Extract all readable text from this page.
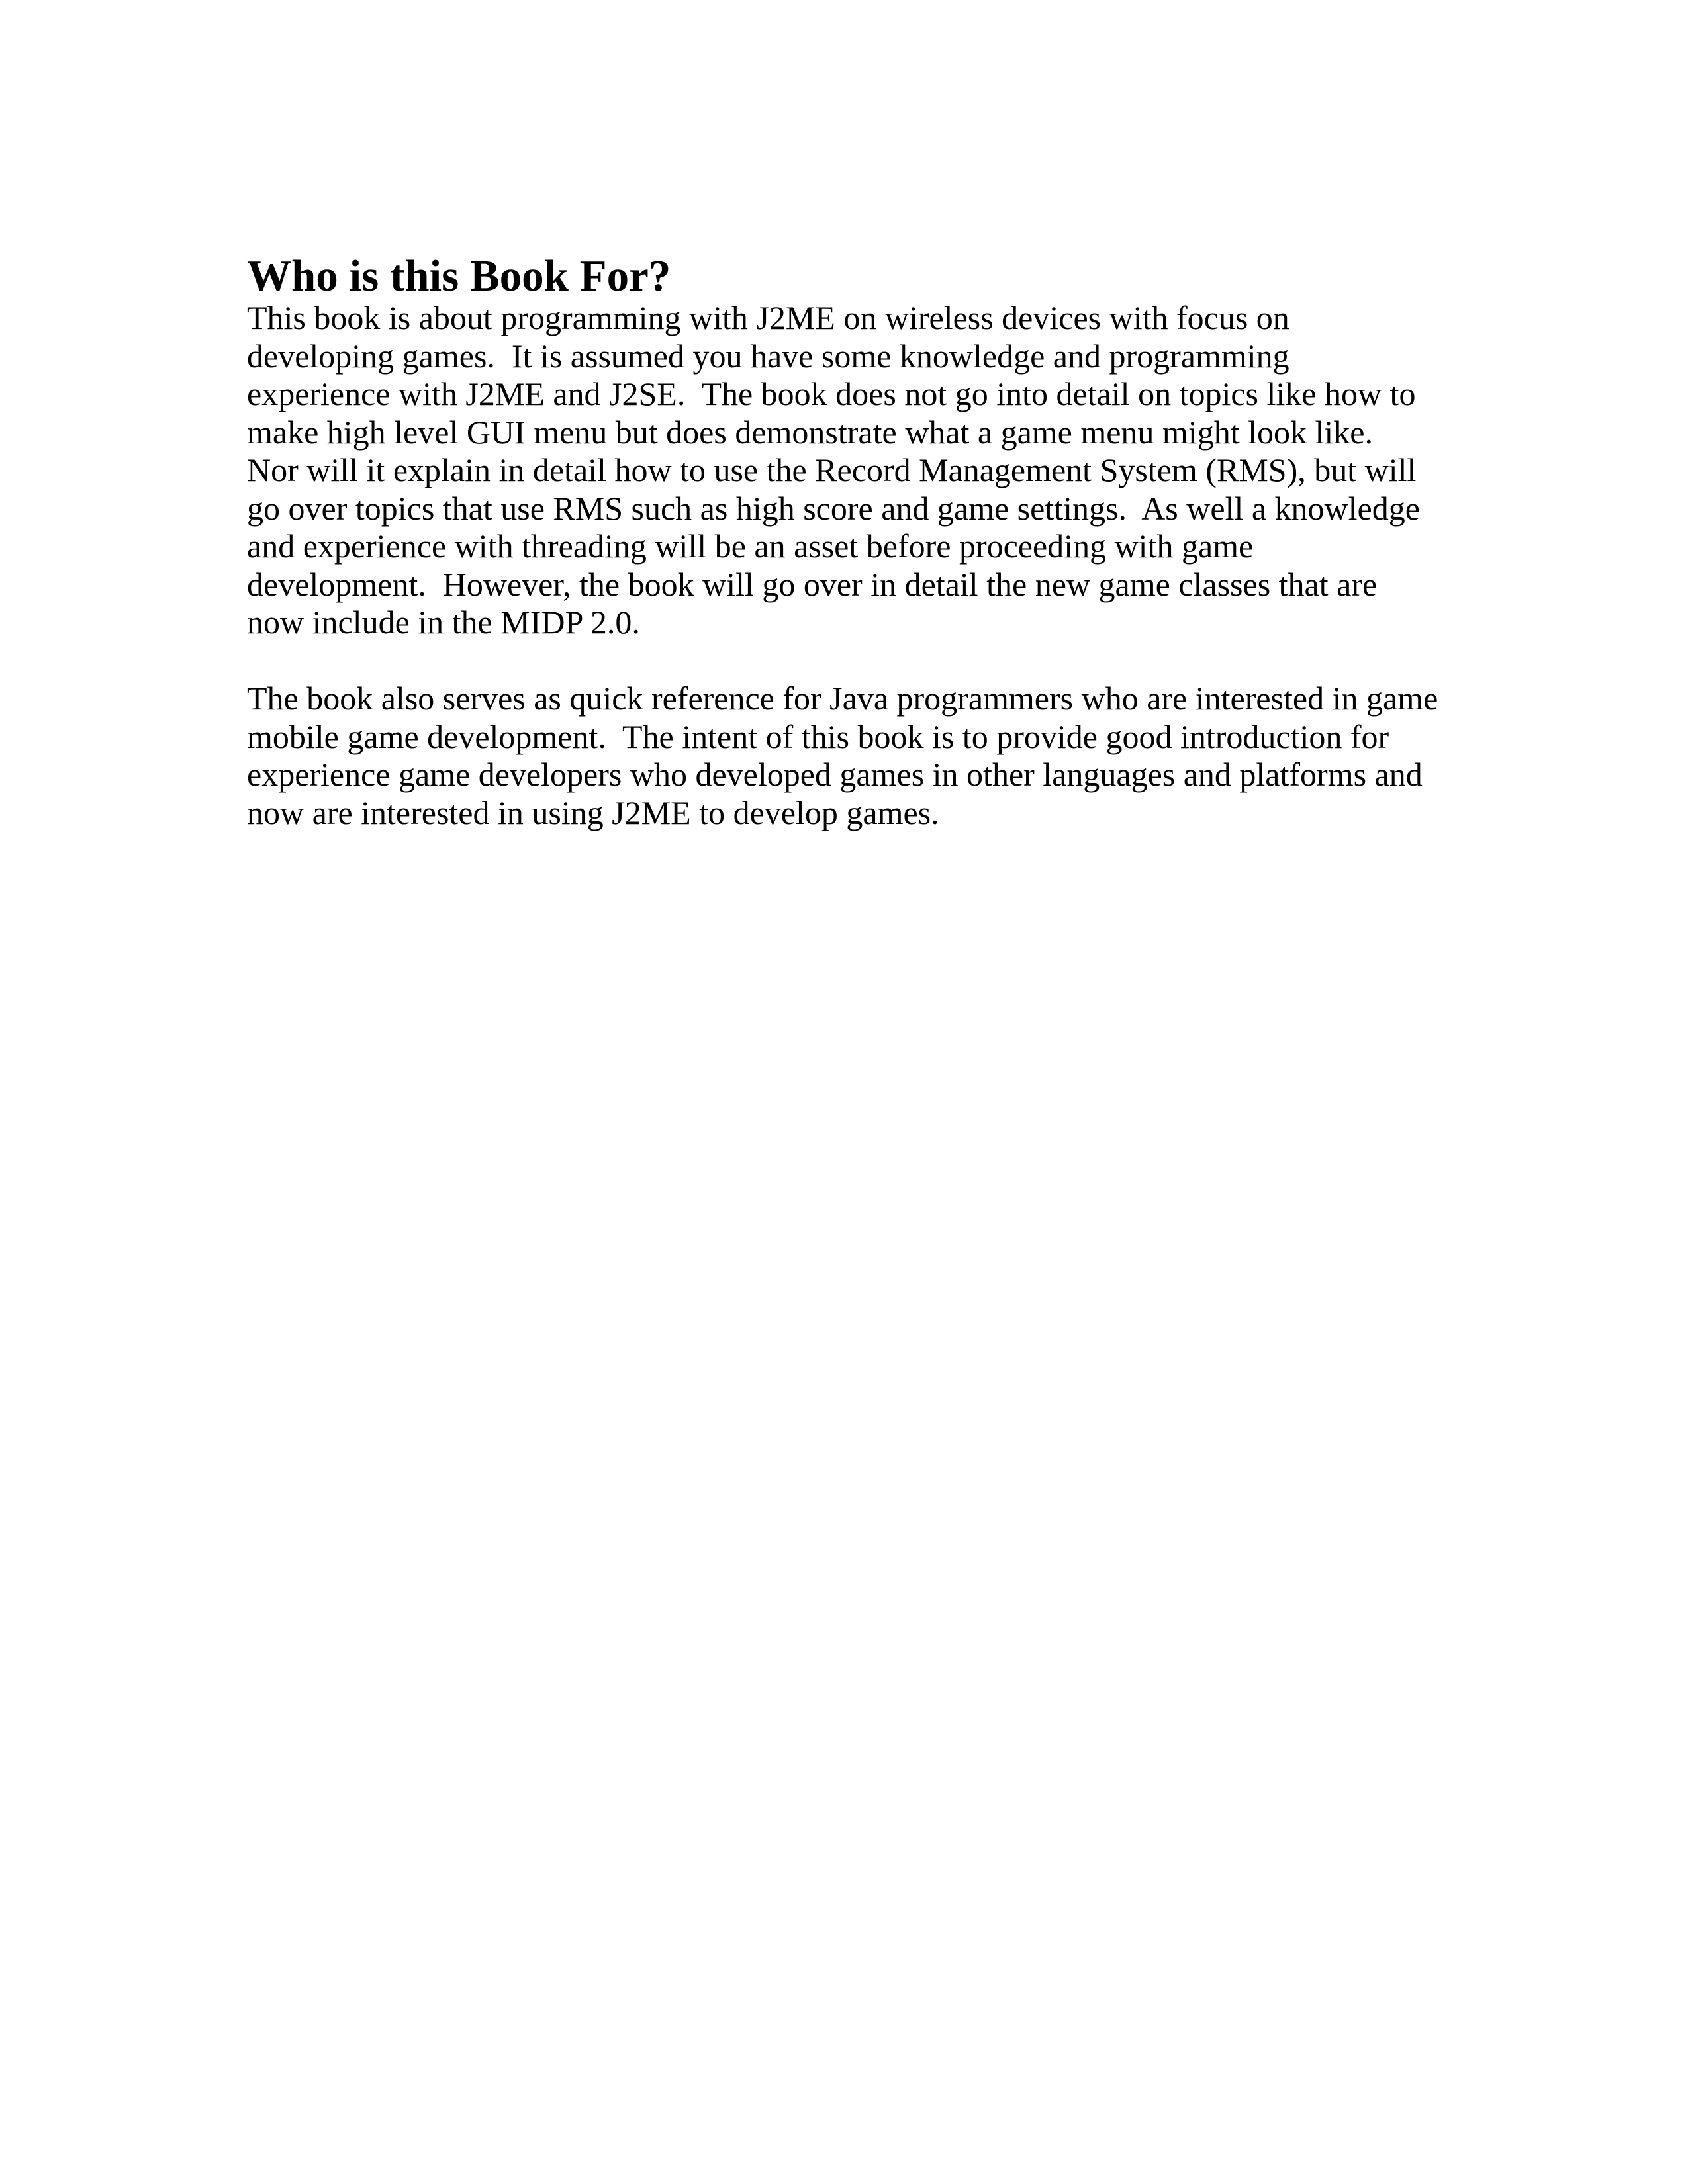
Who is this Book For?

This book is about programming with J2ME on wireless devices with focus on
developing games.  It is assumed you have some knowledge and programming
experience with J2ME and J2SE.  The book does not go into detail on topics like how to
make high level GUI menu but does demonstrate what a game menu might look like.
Nor will it explain in detail how to use the Record Management System (RMS), but will
go over topics that use RMS such as high score and game settings.  As well a knowledge
and experience with threading will be an asset before proceeding with game
development.  However, the book will go over in detail the new game classes that are
now include in the MIDP 2.0.

The book also serves as quick reference for Java programmers who are interested in game
mobile game development.  The intent of this book is to provide good introduction for
experience game developers who developed games in other languages and platforms and
now are interested in using J2ME to develop games.
